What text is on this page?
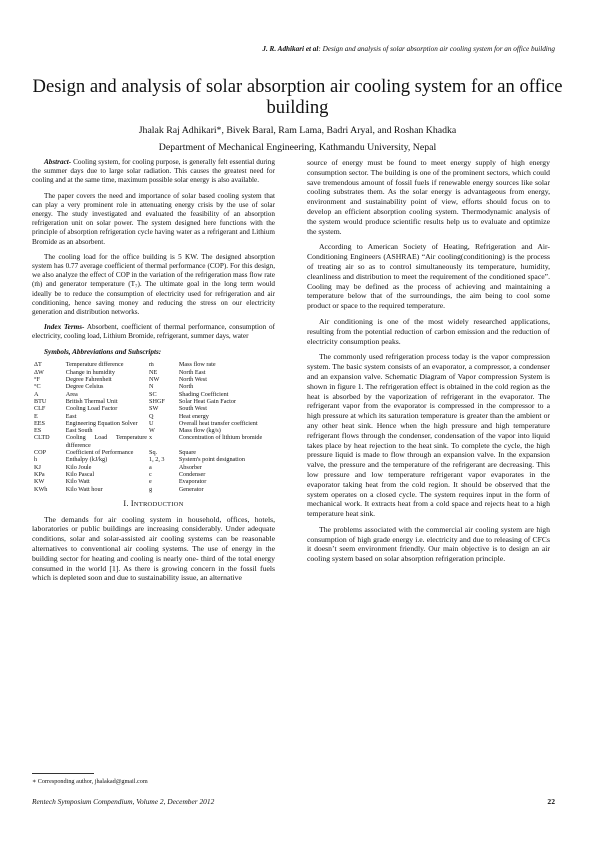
J. R. Adhikari et al: Design and analysis of solar absorption air cooling system for an office building
Design and analysis of solar absorption air cooling system for an office building
Jhalak Raj Adhikari*, Bivek Baral, Ram Lama, Badri Aryal, and Roshan Khadka
Department of Mechanical Engineering, Kathmandu University, Nepal

Abstract- Cooling system, for cooling purpose, is generally felt essential during the summer days due to large solar radiation. This causes the greatest need for cooling and at the same time, maximum possible solar energy is also available.

The paper covers the need and importance of solar based cooling system that can play a very prominent role in attenuating energy crisis by the use of solar energy. The study investigated and evaluated the feasibility of an absorption refrigeration unit on solar power. The system designed here functions with the principle of absorption refrigeration cycle having water as a refrigerant and Lithium Bromide as an absorbent.

The cooling load for the office building is 5 KW. The designed absorption system has 0.77 average coefficient of thermal performance (COP). For this design, we also analyze the effect of COP in the variation of the refrigeration mass flow rate (ṁ) and generator temperature (T₇). The ultimate goal in the long term would ideally be to reduce the consumption of electricity used for refrigeration and air conditioning, hence saving money and reducing the stress on our electricity generation and distribution networks.

Index Terms- Absorbent, coefficient of thermal performance, consumption of electricity, cooling load, Lithium Bromide, refrigerant, summer days, water

Symbols, Abbreviations and Subscripts:
ΔT	Temperature difference	ṁ	Mass flow rate
ΔW	Change in humidity	NE	North East
°F	Degree Fahrenheit	NW	North West
°C	Degree Celsius	N	North
A	Area	SC	Shading Coefficient
BTU	British Thermal Unit	SHGF	Solar Heat Gain Factor
CLF	Cooling Load Factor	SW	South West
E	East	Q	Heat energy
EES	Engineering Equation Solver	U	Overall heat transfer coefficient
ES	East South	W	Mass flow (kg/s)
CLTD	Cooling Load Temperature difference	x	Concentration of lithium bromide
COP	Coefficient of Performance	Sq.	Square
h	Enthalpy (kJ/kg)	1, 2, 3	System's point designation
KJ	Kilo Joule	a	Absorber
KPa	Kilo Pascal	c	Condenser
KW	Kilo Watt	e	Evaporator
KWh	Kilo Watt hour	g	Generator
I. INTRODUCTION

The demands for air cooling system in household, offices, hotels, laboratories or public buildings are increasing considerably. Under adequate conditions, solar and solar-assisted air cooling systems can be reasonable alternatives to conventional air cooling systems. The use of energy in the building sector for heating and cooling is nearly one- third of the total energy consumed in the world [1]. As there is growing concern in the fossil fuels which is depleted soon and due to sustainability issue, an alternative

source of energy must be found to meet energy supply of high energy consumption sector. The building is one of the prominent sectors, which could save tremendous amount of fossil fuels if renewable energy sources like solar cooling substrates them. As the solar energy is advantageous from energy, environment and sustainability point of view, efforts should focus on to develop an efficient absorption cooling system. Thermodynamic analysis of the system would produce scientific results help us to evaluate and optimize the system.

According to American Society of Heating, Refrigeration and Air-Conditioning Engineers (ASHRAE) “Air cooling(conditioning) is the process of treating air so as to control simultaneously its temperature, humidity, cleanliness and distribution to meet the requirement of the conditioned space”. Cooling may be defined as the process of achieving and maintaining a temperature below that of the surroundings, the aim being to cool some product or space to the required temperature.

Air conditioning is one of the most widely researched applications, resulting from the potential reduction of carbon emission and the reduction of electricity consumption peaks.

The commonly used refrigeration process today is the vapor compression system. The basic system consists of an evaporator, a compressor, a condenser and an expansion valve. Schematic Diagram of Vapor compression System is shown in figure 1. The refrigeration effect is obtained in the cold region as the heat is absorbed by the vaporization of refrigerant in the evaporator. The refrigerant vapor from the evaporator is compressed in the compressor to a high pressure at which its saturation temperature is greater than the ambient or any other heat sink. Hence when the high pressure and high temperature refrigerant flows through the condenser, condensation of the vapor into liquid takes place by heat rejection to the heat sink. To complete the cycle, the high pressure liquid is made to flow through an expansion valve. In the expansion valve, the pressure and the temperature of the refrigerant are decreasing. This low pressure and low temperature refrigerant vapor evaporates in the evaporator taking heat from the cold region. It should be observed that the system operates on a closed cycle. The system requires input in the form of mechanical work. It extracts heat from a cold space and rejects heat to a high temperature heat sink.

The problems associated with the commercial air cooling system are high consumption of high grade energy i.e. electricity and due to releasing of CFCs it doesn’t seem environment friendly. Our main objective is to design an air cooling system based on solar absorption refrigeration principle.

∗ Corresponding author, jhalakad@gmail.com
Rentech Symposium Compendium, Volume 2, December 2012	22
